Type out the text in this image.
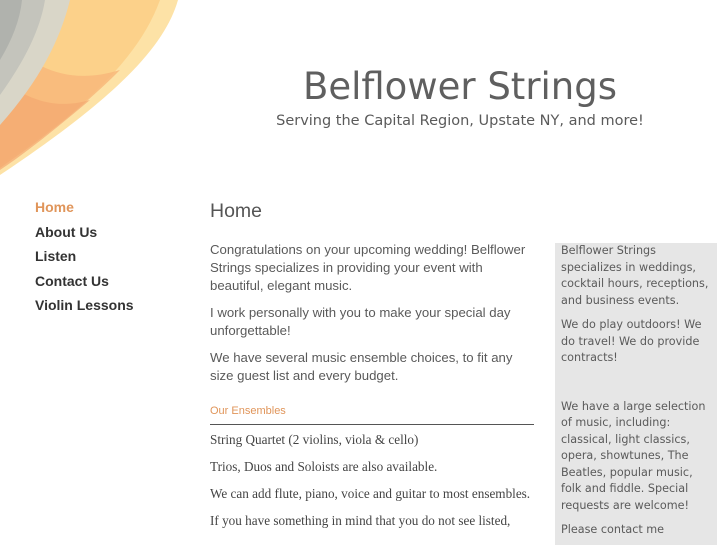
Belflower Strings
Serving the Capital Region, Upstate NY, and more!
Home
About Us
Listen
Contact Us
Violin Lessons
Home

Congratulations on your upcoming wedding! Belflower Strings specializes in providing your event with beautiful, elegant music.

I work personally with you to make your special day unforgettable!

We have several music ensemble choices, to fit any size guest list and every budget.

Our Ensembles

String Quartet (2 violins, viola & cello)

Trios, Duos and Soloists are also available.

We can add flute, piano, voice and guitar to most ensembles.

If you have something in mind that you do not see listed,

Belflower Strings specializes in weddings, cocktail hours, receptions, and business events.

We do play outdoors! We do travel! We do provide contracts!

We have a large selection of music, including: classical, light classics, opera, showtunes, The Beatles, popular music, folk and fiddle. Special requests are welcome!

Please contact me
